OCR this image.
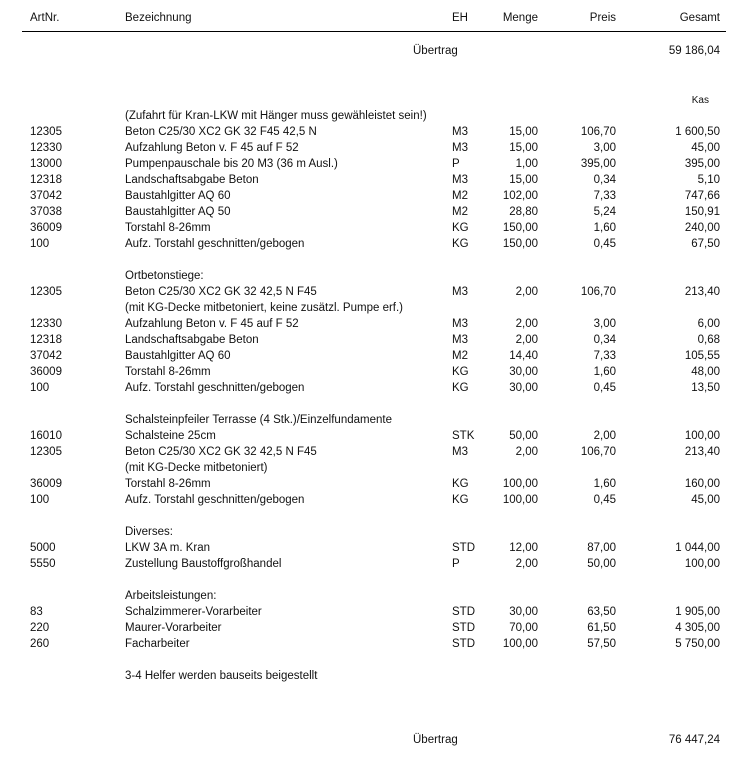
ArtNr.	Bezeichnung	EH	Menge	Preis	Gesamt
Übertrag	59 186,04
Kas
(Zufahrt für Kran-LKW mit Hänger muss gewähleistet sein!)
12305	Beton C25/30 XC2 GK 32 F45 42,5 N	M3	15,00	106,70	1 600,50
12330	Aufzahlung Beton v. F 45 auf F 52	M3	15,00	3,00	45,00
13000	Pumpenpauschale bis 20 M3 (36 m Ausl.)	P	1,00	395,00	395,00
12318	Landschaftsabgabe Beton	M3	15,00	0,34	5,10
37042	Baustahlgitter AQ 60	M2	102,00	7,33	747,66
37038	Baustahlgitter AQ 50	M2	28,80	5,24	150,91
36009	Torstahl 8-26mm	KG	150,00	1,60	240,00
100	Aufz. Torstahl geschnitten/gebogen	KG	150,00	0,45	67,50
Ortbetonstiege:
12305	Beton C25/30 XC2 GK 32 42,5 N F45	M3	2,00	106,70	213,40
(mit KG-Decke mitbetoniert, keine zusätzl. Pumpe erf.)
12330	Aufzahlung Beton v. F 45 auf F 52	M3	2,00	3,00	6,00
12318	Landschaftsabgabe Beton	M3	2,00	0,34	0,68
37042	Baustahlgitter AQ 60	M2	14,40	7,33	105,55
36009	Torstahl 8-26mm	KG	30,00	1,60	48,00
100	Aufz. Torstahl geschnitten/gebogen	KG	30,00	0,45	13,50
Schalsteinpfeiler Terrasse (4 Stk.)/Einzelfundamente
16010	Schalsteine 25cm	STK	50,00	2,00	100,00
12305	Beton C25/30 XC2 GK 32 42,5 N F45	M3	2,00	106,70	213,40
(mit KG-Decke mitbetoniert)
36009	Torstahl 8-26mm	KG	100,00	1,60	160,00
100	Aufz. Torstahl geschnitten/gebogen	KG	100,00	0,45	45,00
Diverses:
5000	LKW 3A m. Kran	STD	12,00	87,00	1 044,00
5550	Zustellung Baustoffgroßhandel	P	2,00	50,00	100,00
Arbeitsleistungen:
83	Schalzimmerer-Vorarbeiter	STD	30,00	63,50	1 905,00
220	Maurer-Vorarbeiter	STD	70,00	61,50	4 305,00
260	Facharbeiter	STD 100,00	57,50	5 750,00
3-4 Helfer werden bauseits beigestellt
Übertrag	76 447,24
